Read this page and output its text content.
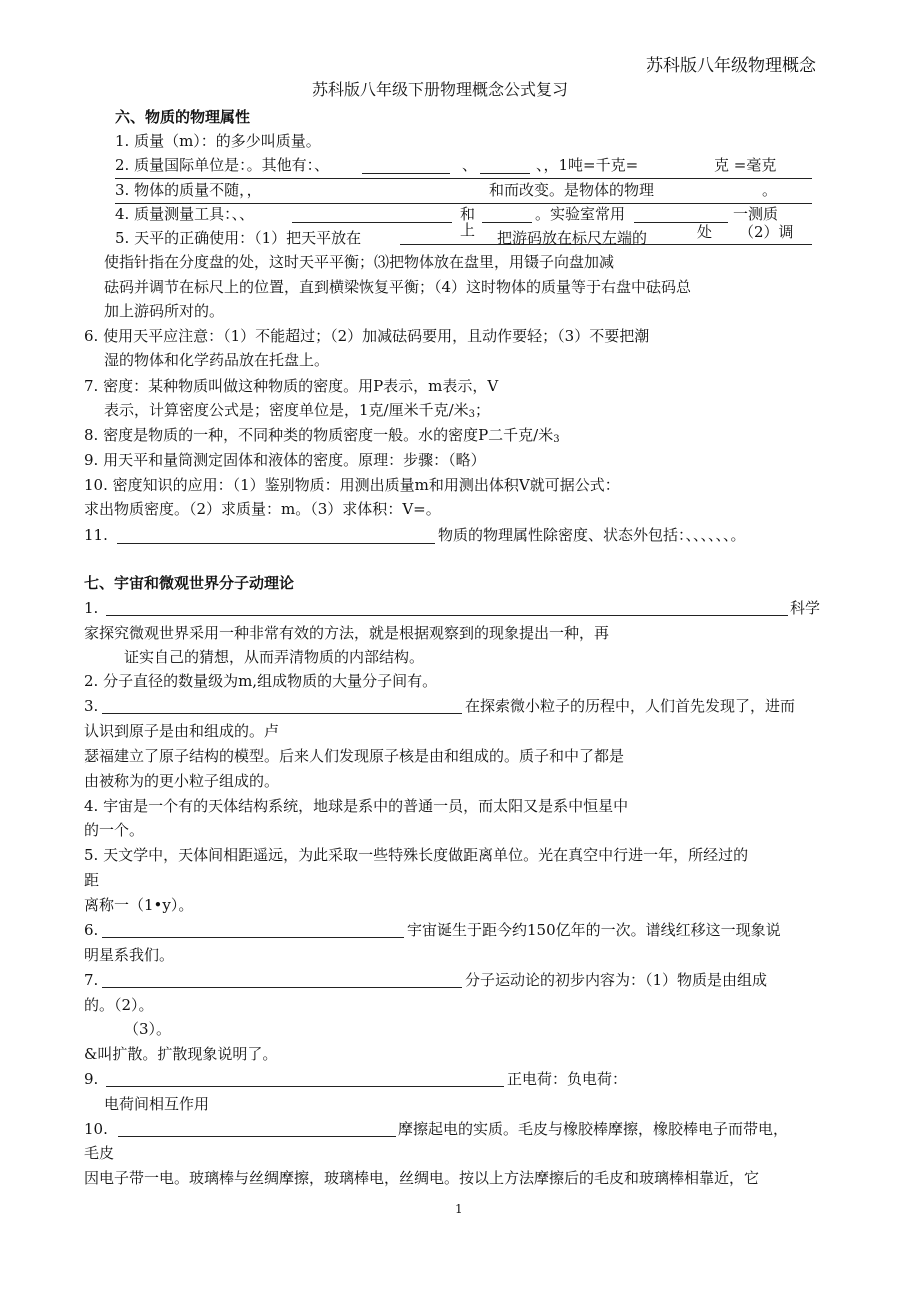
苏科版八年级物理概念
苏科版八年级下册物理概念公式复习
六、物质的物理属性
1. 质量（m）：的多少叫质量。
2. 质量国际单位是：。其他有：、	、	、，1吨=千克=	克 =毫克
3. 物体的质量不随，，	和而改变。是物体的物理	。
4. 质量测量工具：、、	和	。实验室常用	一测质
5. 天平的正确使用：（1）把天平放在	上 把游码放在标尺左端的	处 （2）调
使指针指在分度盘的处，这时天平平衡；⑶把物体放在盘里，用镊子向盘加减
砝码并调节在标尺上的位置，直到横梁恢复平衡；（4）这时物体的质量等于右盘中砝码总
加上游码所对的。
6. 使用天平应注意：（1）不能超过；（2）加减砝码要用，且动作要轻；（3）不要把潮
湿的物体和化学药品放在托盘上。
7. 密度：某种物质叫做这种物质的密度。用P表示，m表示，V
表示，计算密度公式是；密度单位是，1克/厘米千克/米3；
8. 密度是物质的一种，不同种类的物质密度一般。水的密度P二千克/米3
9. 用天平和量筒测定固体和液体的密度。原理：步骤：（略）
10. 密度知识的应用：（1）鉴别物质：用测出质量m和用测出体积V就可据公式：
求出物质密度。（2）求质量：m。（3）求体积：V=。
11.	物质的物理属性除密度、状态外包括：、、、、、、。
七、宇宙和微观世界分子动理论
1.	科学
家探究微观世界采用一种非常有效的方法，就是根据观察到的现象提出一种，再
证实自己的猜想，从而弄清物质的内部结构。
2. 分子直径的数量级为m,组成物质的大量分子间有。
3.	在探索微小粒子的历程中，人们首先发现了，进而
认识到原子是由和组成的。卢
瑟福建立了原子结构的模型。后来人们发现原子核是由和组成的。质子和中了都是
由被称为的更小粒子组成的。
4. 宇宙是一个有的天体结构系统，地球是系中的普通一员，而太阳又是系中恒星中
的一个。
5. 天文学中，天体间相距遥远，为此采取一些特殊长度做距离单位。光在真空中行进一年，所经过的
距
离称一（1•y）。
6.	宇宙诞生于距今约150亿年的一次。谱线红移这一现象说
明星系我们。
7.	分子运动论的初步内容为：（1）物质是由组成
的。（2）。
（3）。
&叫扩散。扩散现象说明了。
9.	正电荷：负电荷：
电荷间相互作用
10.	摩擦起电的实质。毛皮与橡胶棒摩擦，橡胶棒电子而带电，
毛皮
因电子带一电。玻璃棒与丝绸摩擦，玻璃棒电，丝绸电。按以上方法摩擦后的毛皮和玻璃棒相靠近，它
1
